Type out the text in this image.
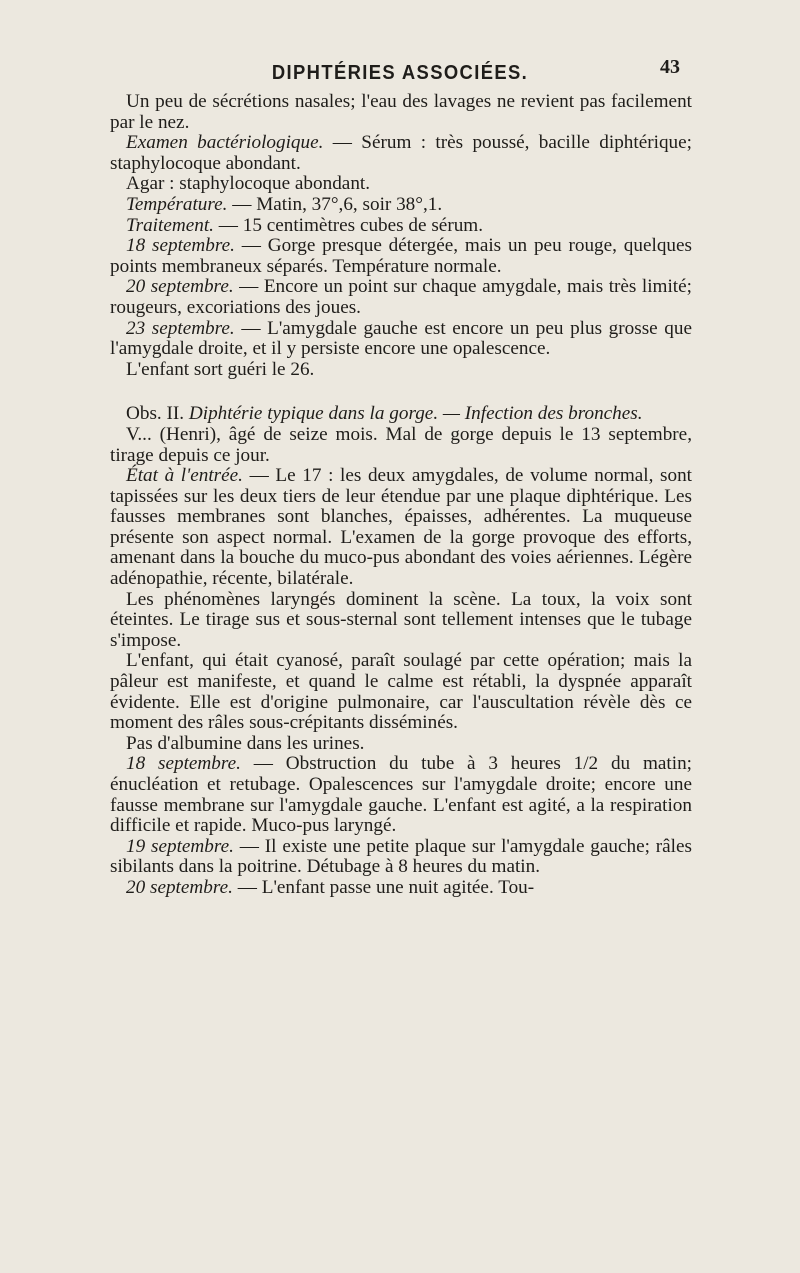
DIPHTÉRIES ASSOCIÉES.	43

Un peu de sécrétions nasales; l'eau des lavages ne revient pas facilement par le nez.

Examen bactériologique. — Sérum : très poussé, bacille diphtérique; staphylocoque abondant.

Agar : staphylocoque abondant.

Température. — Matin, 37°,6, soir 38°,1.

Traitement. — 15 centimètres cubes de sérum.

18 septembre. — Gorge presque détergée, mais un peu rouge, quelques points membraneux séparés. Température normale.

20 septembre. — Encore un point sur chaque amygdale, mais très limité; rougeurs, excoriations des joues.

23 septembre. — L'amygdale gauche est encore un peu plus grosse que l'amygdale droite, et il y persiste encore une opalescence.

L'enfant sort guéri le 26.

Obs. II. Diphtérie typique dans la gorge. — Infection des bronches.

V... (Henri), âgé de seize mois. Mal de gorge depuis le 13 septembre, tirage depuis ce jour.

État à l'entrée. — Le 17 : les deux amygdales, de volume normal, sont tapissées sur les deux tiers de leur étendue par une plaque diphtérique. Les fausses membranes sont blanches, épaisses, adhérentes. La muqueuse présente son aspect normal. L'examen de la gorge provoque des efforts, amenant dans la bouche du muco-pus abondant des voies aériennes. Légère adénopathie, récente, bilatérale.

Les phénomènes laryngés dominent la scène. La toux, la voix sont éteintes. Le tirage sus et sous-sternal sont tellement intenses que le tubage s'impose.

L'enfant, qui était cyanosé, paraît soulagé par cette opération; mais la pâleur est manifeste, et quand le calme est rétabli, la dyspnée apparaît évidente. Elle est d'origine pulmonaire, car l'auscultation révèle dès ce moment des râles sous-crépitants disséminés.

Pas d'albumine dans les urines.

18 septembre. — Obstruction du tube à 3 heures 1/2 du matin; énucléation et retubage. Opalescences sur l'amygdale droite; encore une fausse membrane sur l'amygdale gauche. L'enfant est agité, a la respiration difficile et rapide. Muco-pus laryngé.

19 septembre. — Il existe une petite plaque sur l'amygdale gauche; râles sibilants dans la poitrine. Détubage à 8 heures du matin.

20 septembre. — L'enfant passe une nuit agitée. Tou-
